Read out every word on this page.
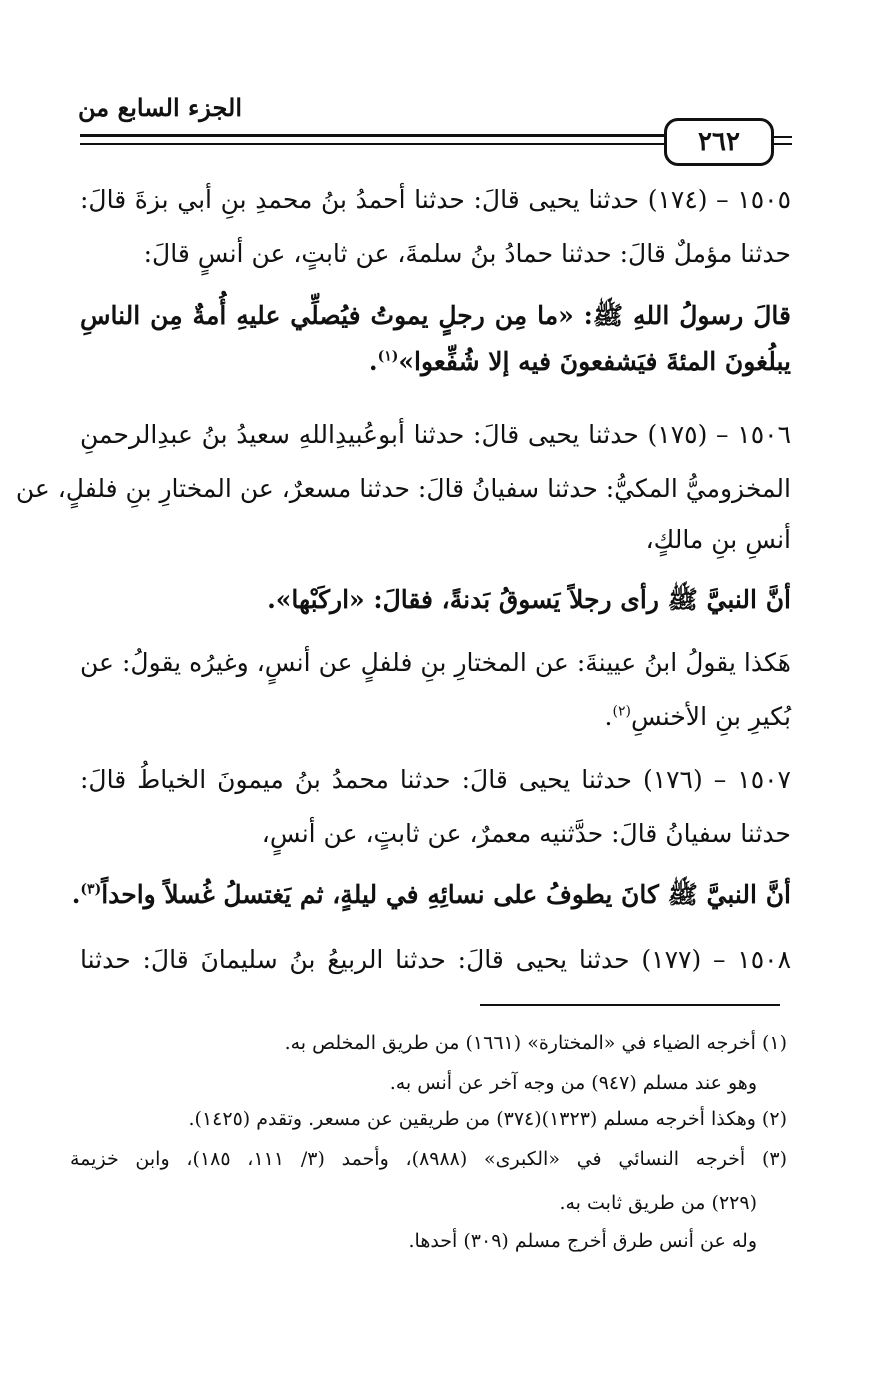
الجزء السابع من
٢٦٢
١٥٠٥ – (١٧٤) حدثنا يحيى قالَ: حدثنا أحمدُ بنُ محمدِ بنِ أبي بزةَ قالَ:
حدثنا مؤملٌ قالَ: حدثنا حمادُ بنُ سلمةَ، عن ثابتٍ، عن أنسٍ قالَ:
قالَ رسولُ اللهِ ﷺ: «ما مِن رجلٍ يموتُ فيُصلِّي عليهِ أُمةٌ مِن الناسِ
يبلُغونَ المئةَ فيَشفعونَ فيه إلا شُفِّعوا»$^{(١)}$.
١٥٠٦ – (١٧٥) حدثنا يحيى قالَ: حدثنا أبوعُبيدِاللهِ سعيدُ بنُ عبدِالرحمنِ
المخزوميُّ المكيُّ: حدثنا سفيانُ قالَ: حدثنا مسعرٌ، عن المختارِ بنِ فلفلٍ، عن
أنسِ بنِ مالكٍ،
أنَّ النبيَّ ﷺ رأى رجلاً يَسوقُ بَدنةً، فقالَ: «اركَبْها».
هَكذا يقولُ ابنُ عيينةَ: عن المختارِ بنِ فلفلٍ عن أنسٍ، وغيرُه يقولُ: عن
بُكيرِ بنِ الأخنسِ$^{(٢)}$.
١٥٠٧ – (١٧٦) حدثنا يحيى قالَ: حدثنا محمدُ بنُ ميمونَ الخياطُ قالَ:
حدثنا سفيانُ قالَ: حدَّثنيه معمرٌ، عن ثابتٍ، عن أنسٍ،
أنَّ النبيَّ ﷺ كانَ يطوفُ على نسائِهِ في ليلةٍ، ثم يَغتسلُ غُسلاً واحداً$^{(٣)}$.
١٥٠٨ – (١٧٧) حدثنا يحيى قالَ: حدثنا الربيعُ بنُ سليمانَ قالَ: حدثنا
(١) أخرجه الضياء في «المختارة» (١٦٦١) من طريق المخلص به.
وهو عند مسلم (٩٤٧) من وجه آخر عن أنس به.
(٢) وهكذا أخرجه مسلم (١٣٢٣)(٣٧٤) من طريقين عن مسعر. وتقدم (١٤٢٥).
(٣) أخرجه النسائي في «الكبرى» (٨٩٨٨)، وأحمد (٣/ ١١١، ١٨٥)، وابن خزيمة
(٢٢٩) من طريق ثابت به.
وله عن أنس طرق أخرج مسلم (٣٠٩) أحدها.
